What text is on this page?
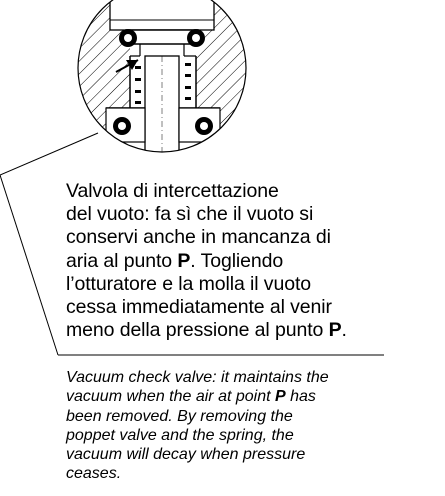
Valvola di intercettazione
del vuoto: fa sì che il vuoto si
conservi anche in mancanza di
aria al punto P. Togliendo
l’otturatore e la molla il vuoto
cessa immediatamente al venir
meno della pressione al punto P.
Vacuum check valve: it maintains the
vacuum when the air at point P has
been removed. By removing the
poppet valve and the spring, the
vacuum will decay when pressure
ceases.
